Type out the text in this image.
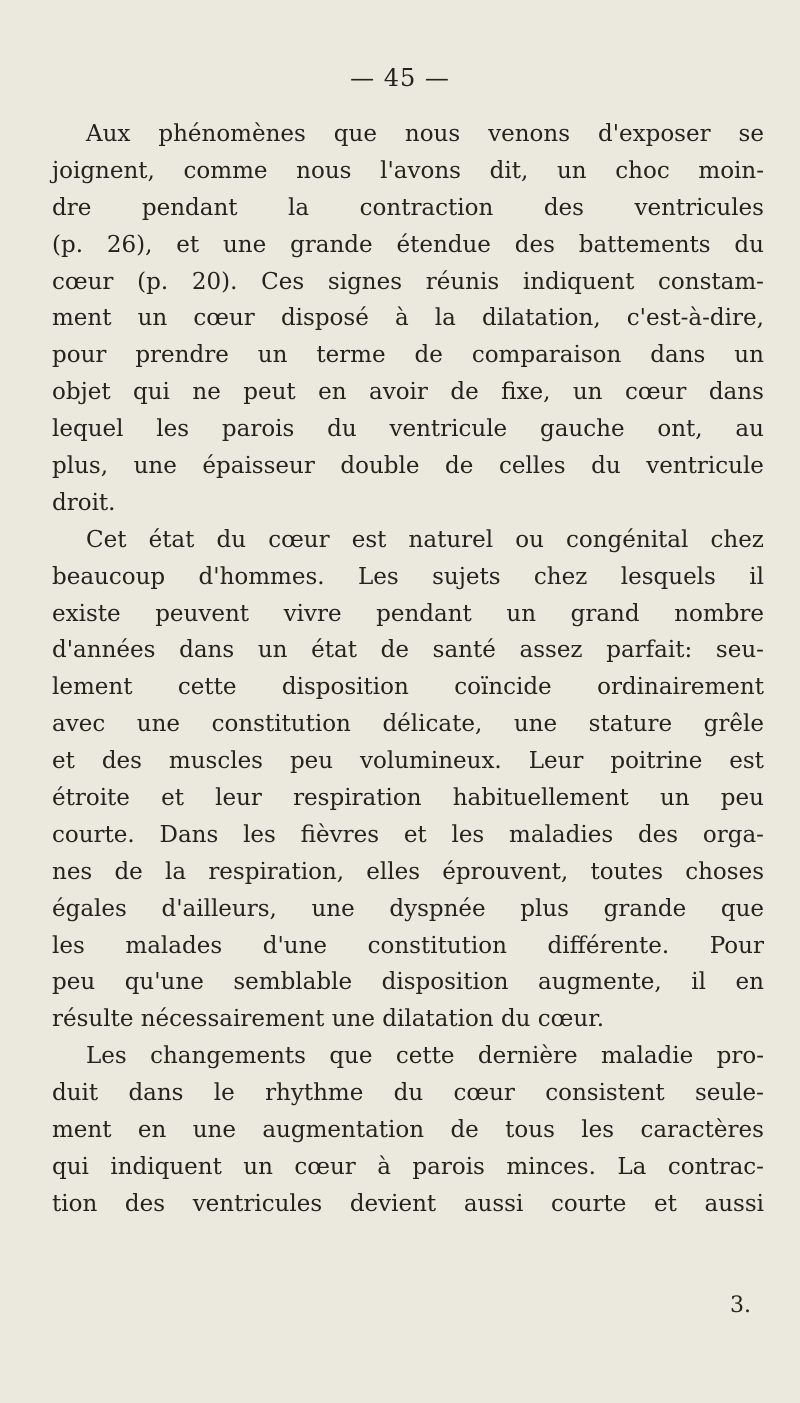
— 45 —
Aux phénomènes que nous venons d'exposer se
joignent, comme nous l'avons dit, un choc moin-
dre pendant la contraction des ventricules
(p. 26), et une grande étendue des battements du
cœur (p. 20). Ces signes réunis indiquent constam-
ment un cœur disposé à la dilatation, c'est-à-dire,
pour prendre un terme de comparaison dans un
objet qui ne peut en avoir de fixe, un cœur dans
lequel les parois du ventricule gauche ont, au
plus, une épaisseur double de celles du ventricule
droit.
Cet état du cœur est naturel ou congénital chez
beaucoup d'hommes. Les sujets chez lesquels il
existe peuvent vivre pendant un grand nombre
d'années dans un état de santé assez parfait: seu-
lement cette disposition coïncide ordinairement
avec une constitution délicate, une stature grêle
et des muscles peu volumineux. Leur poitrine est
étroite et leur respiration habituellement un peu
courte. Dans les fièvres et les maladies des orga-
nes de la respiration, elles éprouvent, toutes choses
égales d'ailleurs, une dyspnée plus grande que
les malades d'une constitution différente. Pour
peu qu'une semblable disposition augmente, il en
résulte nécessairement une dilatation du cœur.
Les changements que cette dernière maladie pro-
duit dans le rhythme du cœur consistent seule-
ment en une augmentation de tous les caractères
qui indiquent un cœur à parois minces. La contrac-
tion des ventricules devient aussi courte et aussi
3.
